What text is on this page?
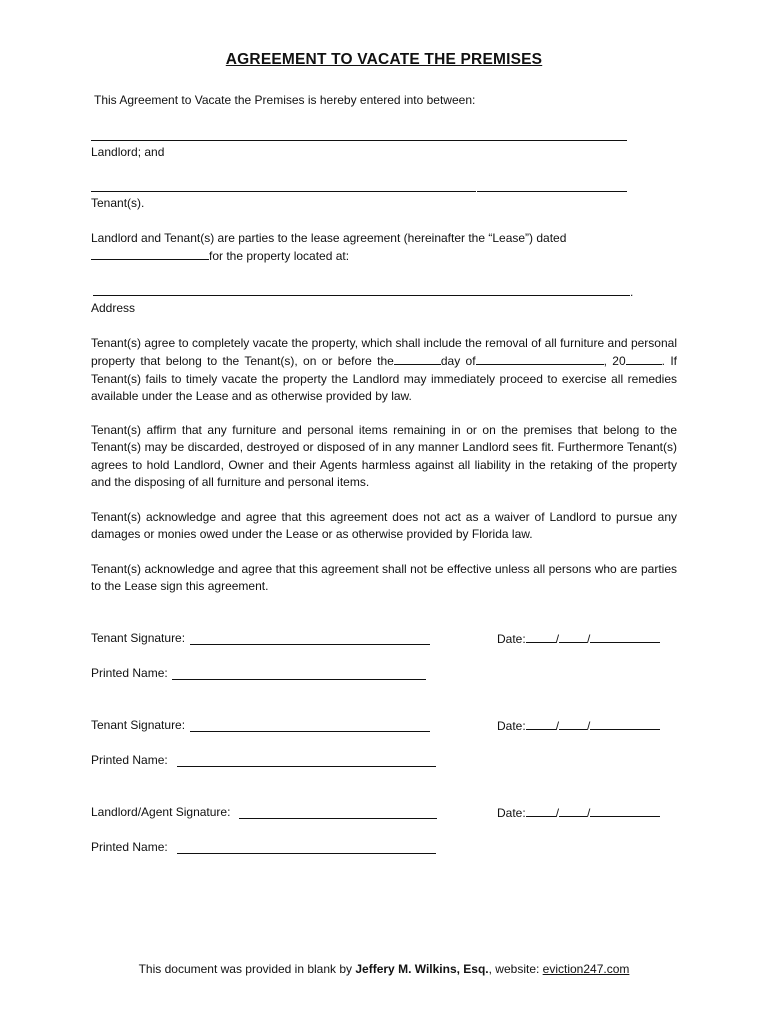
AGREEMENT TO VACATE THE PREMISES
This Agreement to Vacate the Premises is hereby entered into between:
Landlord; and
Tenant(s).
Landlord and Tenant(s) are parties to the lease agreement (hereinafter the “Lease”) dated
for the property located at:
.
Address
Tenant(s) agree to completely vacate the property, which shall include the removal of all furniture and personal property that belong to the Tenant(s), on or before the	day of	, 20	. If Tenant(s) fails to timely vacate the property the Landlord may immediately proceed to exercise all remedies available under the Lease and as otherwise provided by law.
Tenant(s) affirm that any furniture and personal items remaining in or on the premises that belong to the Tenant(s) may be discarded, destroyed or disposed of in any manner Landlord sees fit. Furthermore Tenant(s) agrees to hold Landlord, Owner and their Agents harmless against all liability in the retaking of the property and the disposing of all furniture and personal items.
Tenant(s) acknowledge and agree that this agreement does not act as a waiver of Landlord to pursue any damages or monies owed under the Lease or as otherwise provided by Florida law.
Tenant(s) acknowledge and agree that this agreement shall not be effective unless all persons who are parties to the Lease sign this agreement.
Tenant Signature:	Date:	/ /
Printed Name:
Tenant Signature:	Date:	/ /
Printed Name:
Landlord/Agent Signature:	Date:	/ /
Printed Name:
This document was provided in blank by Jeffery M. Wilkins, Esq., website: eviction247.com
